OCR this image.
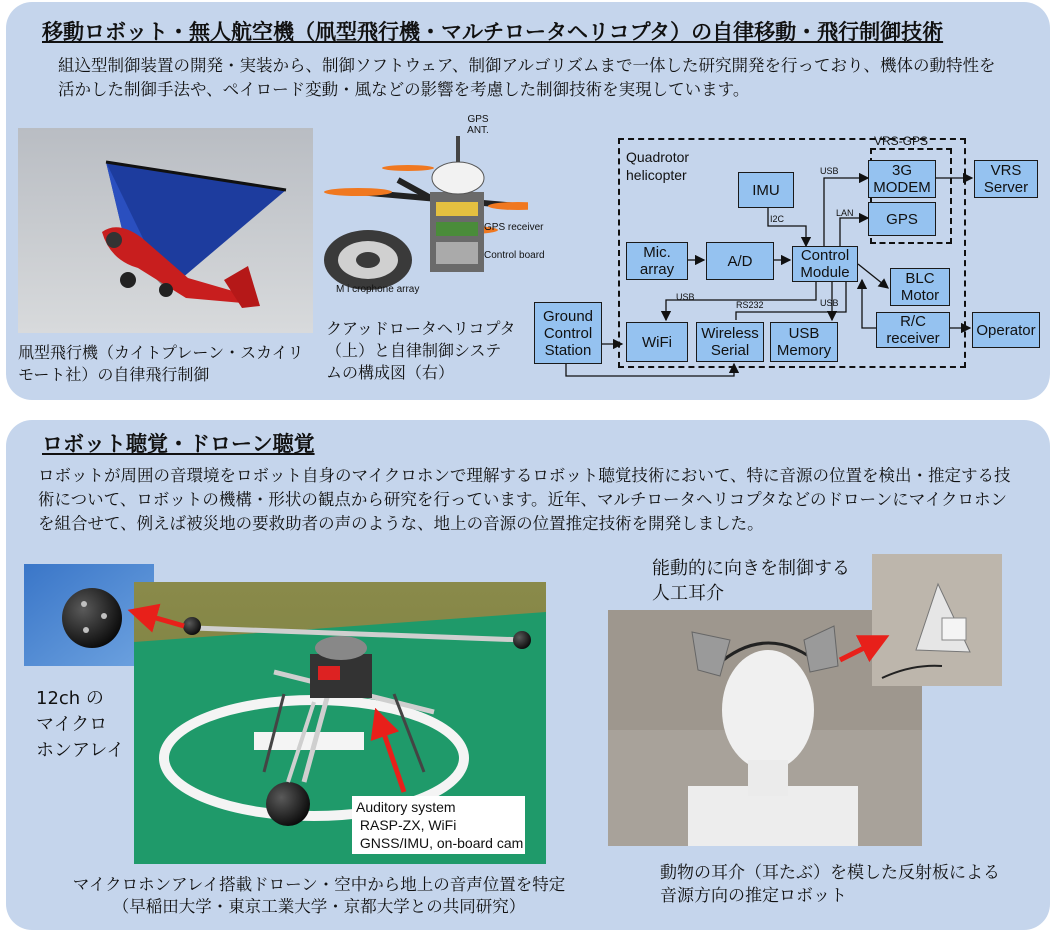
移動ロボット・無人航空機（凧型飛行機・マルチロータヘリコプタ）の自律移動・飛行制御技術

組込型制御装置の開発・実装から、制御ソフトウェア、制御アルゴリズムまで一体した研究開発を行っており、機体の動特性を活かした制御手法や、ペイロード変動・風などの影響を考慮した制御技術を実現しています。

凧型飛行機（カイトプレーン・スカイリモート社）の自律飛行制御

GPS
ANT.
GPS receiver
Control board
M i crophone array

クアッドロータヘリコプタ（上）と自律制御システムの構成図（右）

Quadrotor
helicopter
VRS-GPS
USB
I2C
LAN
USB
RS232	USB
IMU
3G
MODEM
GPS
VRS
Server
Mic.
array	A/D	Control
Module	BLC
Motor
R/C
receiver	Operator
Ground
Control
Station	WiFi	Wireless
Serial
USB
Memory
ロボット聴覚・ドローン聴覚

ロボットが周囲の音環境をロボット自身のマイクロホンで理解するロボット聴覚技術において、特に音源の位置を検出・推定する技術について、ロボットの機構・形状の観点から研究を行っています。近年、マルチロータヘリコプタなどのドローンにマイクロホンを組合せて、例えば被災地の要救助者の声のような、地上の音源の位置推定技術を開発しました。

12ch の
マイクロ
ホンアレイ
Auditory system
RASP-ZX, WiFi
GNSS/IMU, on-board cam
マイクロホンアレイ搭載ドローン・空中から地上の音声位置を特定
（早稲田大学・東京工業大学・京都大学との共同研究）
能動的に向きを制御する
人工耳介
動物の耳介（耳たぶ）を模した反射板による
音源方向の推定ロボット
